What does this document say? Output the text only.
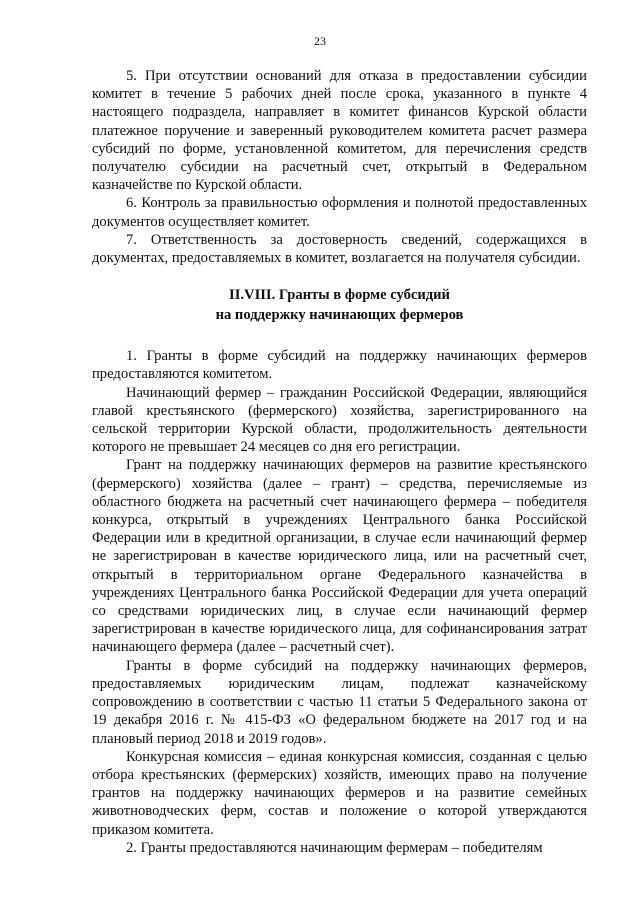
23

5. При отсутствии оснований для отказа в предоставлении субсидии комитет в течение 5 рабочих дней после срока, указанного в пункте 4 настоящего подраздела, направляет в комитет финансов Курской области платежное поручение и заверенный руководителем комитета расчет размера субсидий по форме, установленной комитетом, для перечисления средств получателю субсидии на расчетный счет, открытый в Федеральном казначействе по Курской области.

6. Контроль за правильностью оформления и полнотой предоставленных документов осуществляет комитет.

7. Ответственность за достоверность сведений, содержащихся в документах, предоставляемых в комитет, возлагается на получателя субсидии.

II.VIII. Гранты в форме субсидий
на поддержку начинающих фермеров

1. Гранты в форме субсидий на поддержку начинающих фермеров предоставляются комитетом.

Начинающий фермер – гражданин Российской Федерации, являющийся главой крестьянского (фермерского) хозяйства, зарегистрированного на сельской территории Курской области, продолжительность деятельности которого не превышает 24 месяцев со дня его регистрации.

Грант на поддержку начинающих фермеров на развитие крестьянского (фермерского) хозяйства (далее – грант) – средства, перечисляемые из областного бюджета на расчетный счет начинающего фермера – победителя конкурса, открытый в учреждениях Центрального банка Российской Федерации или в кредитной организации, в случае если начинающий фермер не зарегистрирован в качестве юридического лица, или на расчетный счет, открытый в территориальном органе Федерального казначейства в учреждениях Центрального банка Российской Федерации для учета операций со средствами юридических лиц, в случае если начинающий фермер зарегистрирован в качестве юридического лица, для софинансирования затрат начинающего фермера (далее – расчетный счет).

Гранты в форме субсидий на поддержку начинающих фермеров, предоставляемых юридическим лицам, подлежат казначейскому сопровождению в соответствии с частью 11 статьи 5 Федерального закона от 19 декабря 2016 г. № 415-ФЗ «О федеральном бюджете на 2017 год и на плановый период 2018 и 2019 годов».

Конкурсная комиссия – единая конкурсная комиссия, созданная с целью отбора крестьянских (фермерских) хозяйств, имеющих право на получение грантов на поддержку начинающих фермеров и на развитие семейных животноводческих ферм, состав и положение о которой утверждаются приказом комитета.

2. Гранты предоставляются начинающим фермерам – победителям
